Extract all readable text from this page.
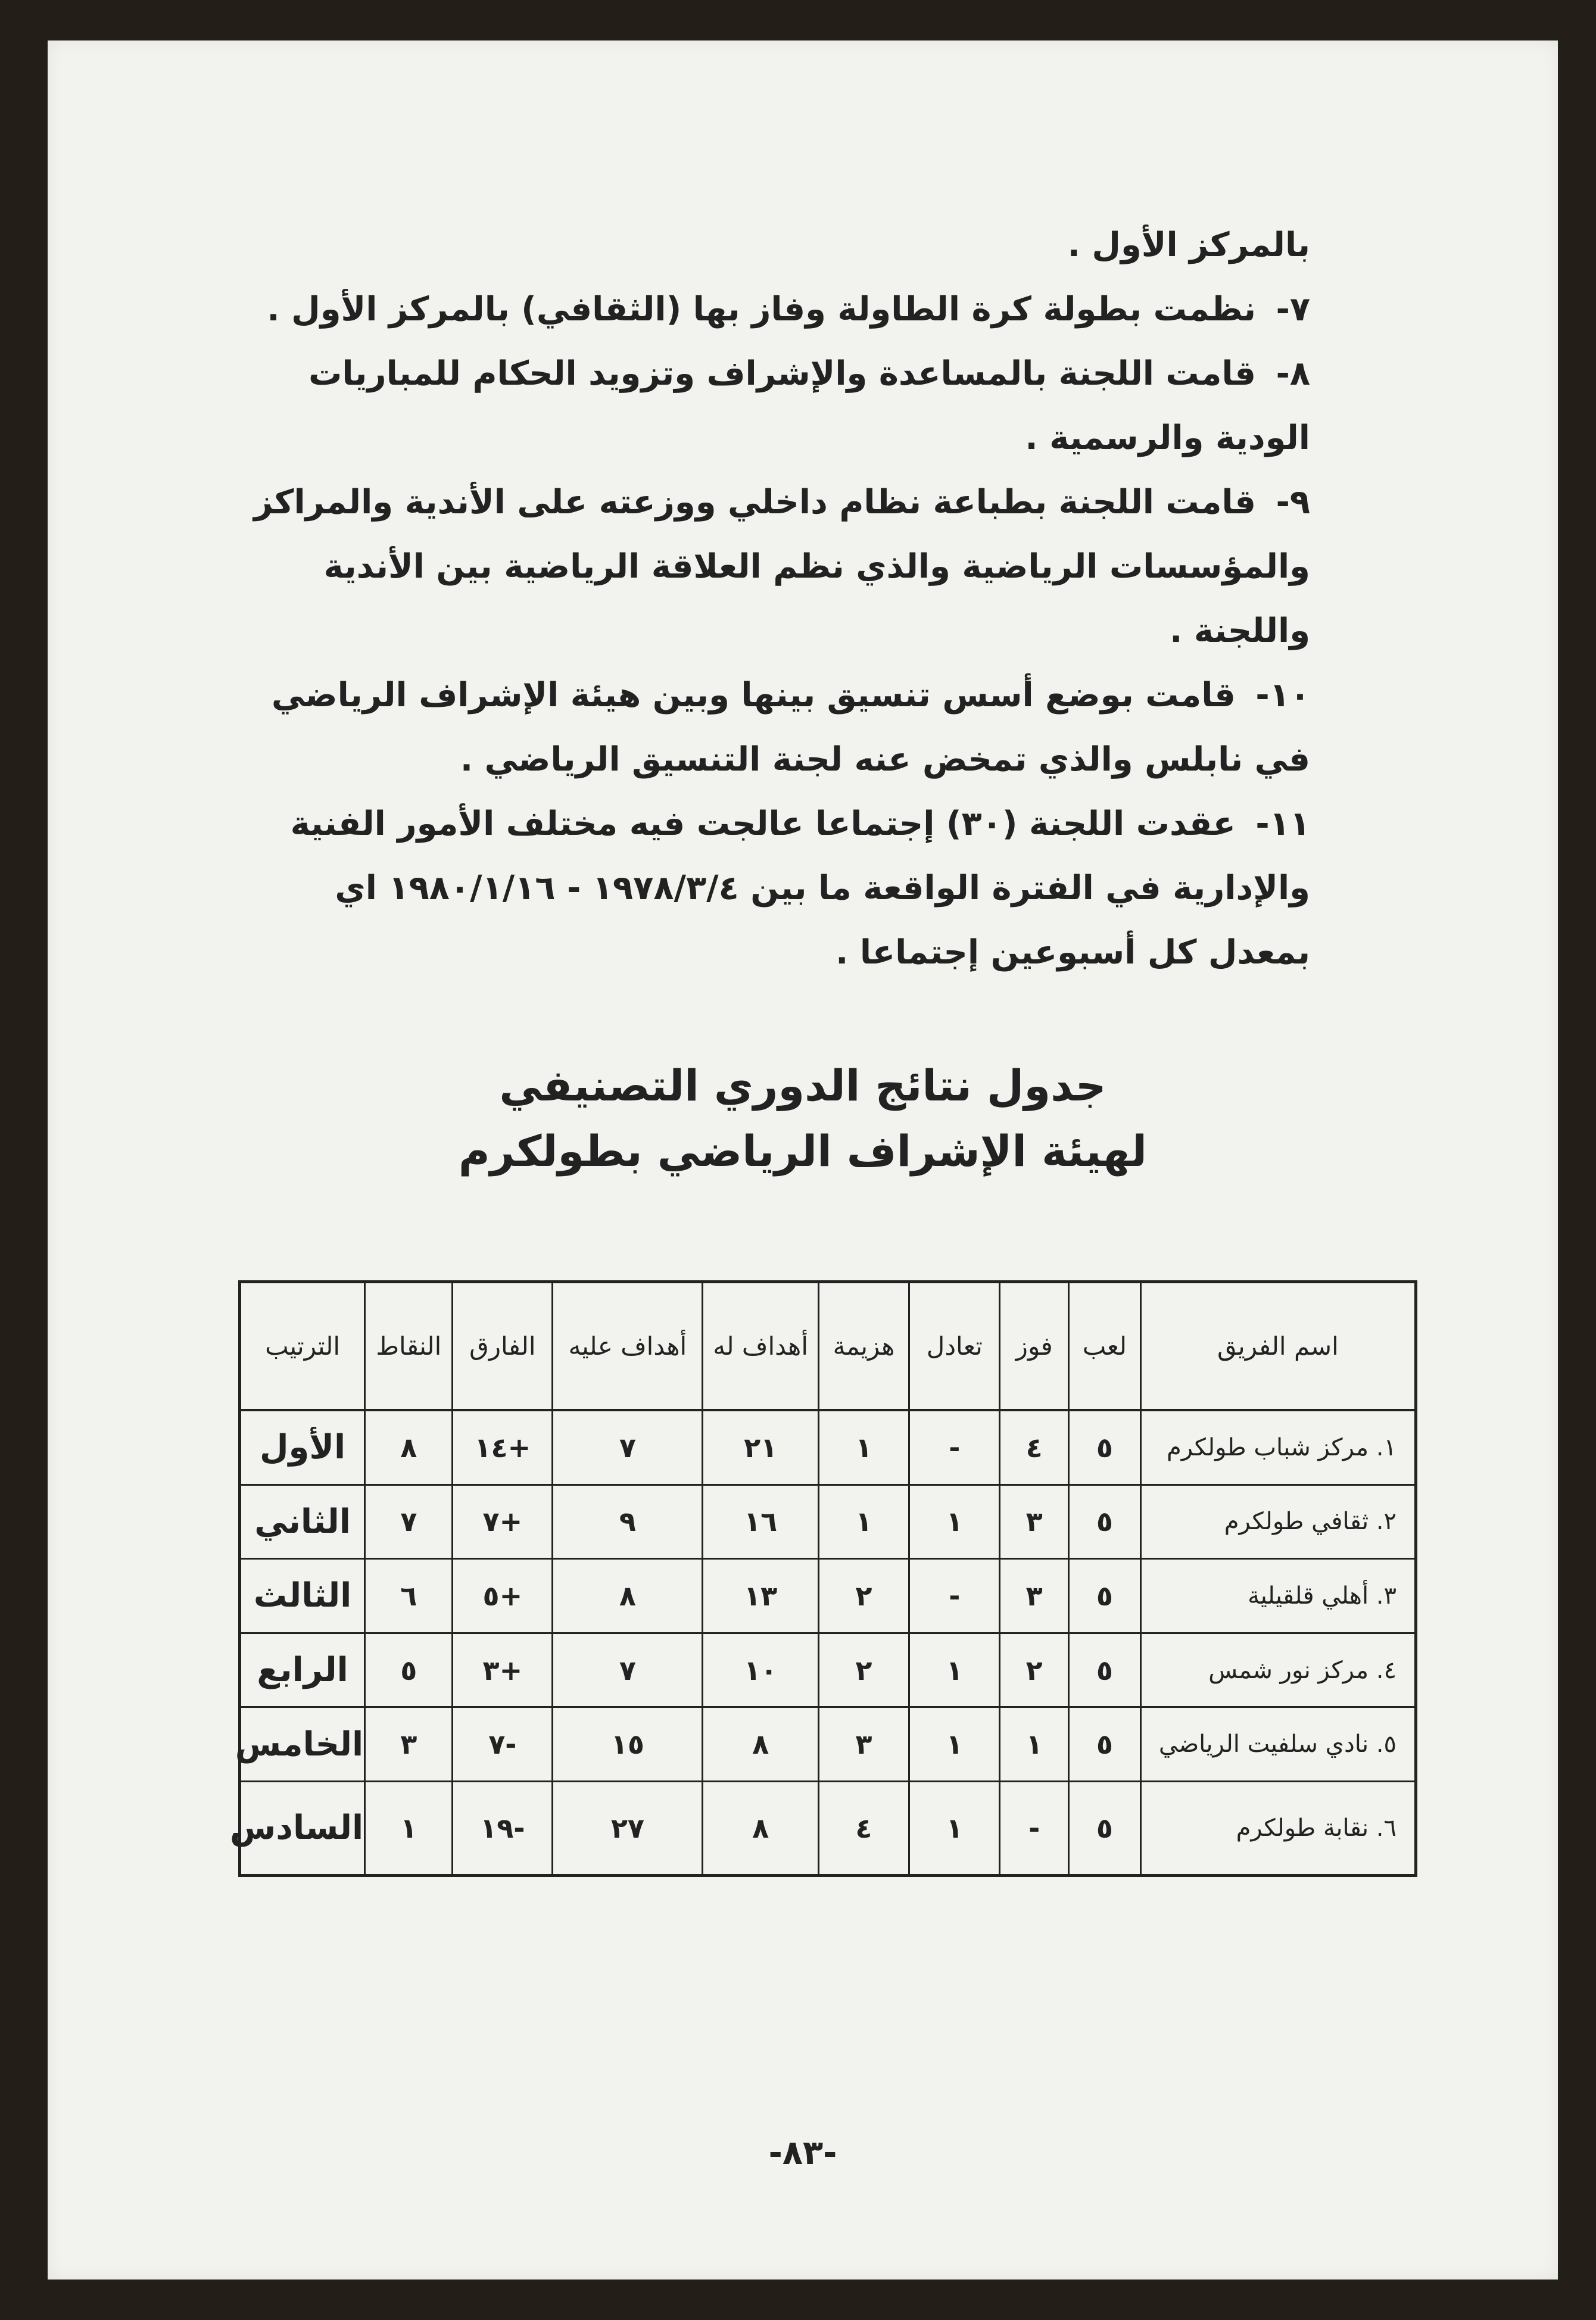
بالمركز الأول .

٧- نظمت بطولة كرة الطاولة وفاز بها (الثقافي) بالمركز الأول .

٨- قامت اللجنة بالمساعدة والإشراف وتزويد الحكام للمباريات الودية والرسمية .

٩- قامت اللجنة بطباعة نظام داخلي ووزعته على الأندية والمراكز والمؤسسات الرياضية والذي نظم العلاقة الرياضية بين الأندية واللجنة .

١٠- قامت بوضع أسس تنسيق بينها وبين هيئة الإشراف الرياضي في نابلس والذي تمخض عنه لجنة التنسيق الرياضي .

١١- عقدت اللجنة (٣٠) إجتماعا عالجت فيه مختلف الأمور الفنية والإدارية في الفترة الواقعة ما بين ١٩٧٨/٣/٤ - ١٩٨٠/١/١٦ اي بمعدل كل أسبوعين إجتماعا .

جدول نتائج الدوري التصنيفي
لهيئة الإشراف الرياضي بطولكرم
اسم الفريق	لعب	فوز	تعادل	هزيمة	أهداف له	أهداف عليه	الفارق	النقاط	الترتيب
١. مركز شباب طولكرم	٥	٤	-	١	٢١	٧	+١٤	٨	الأول
٢. ثقافي طولكرم	٥	٣	١	١	١٦	٩	+٧	٧	الثاني
٣. أهلي قلقيلية	٥	٣	-	٢	١٣	٨	+٥	٦	الثالث
٤. مركز نور شمس	٥	٢	١	٢	١٠	٧	+٣	٥	الرابع
٥. نادي سلفيت الرياضي	٥	١	١	٣	٨	١٥	-٧	٣	الخامس
٦. نقابة طولكرم	٥	-	١	٤	٨	٢٧	-١٩	١	السادس
-٨٣-
